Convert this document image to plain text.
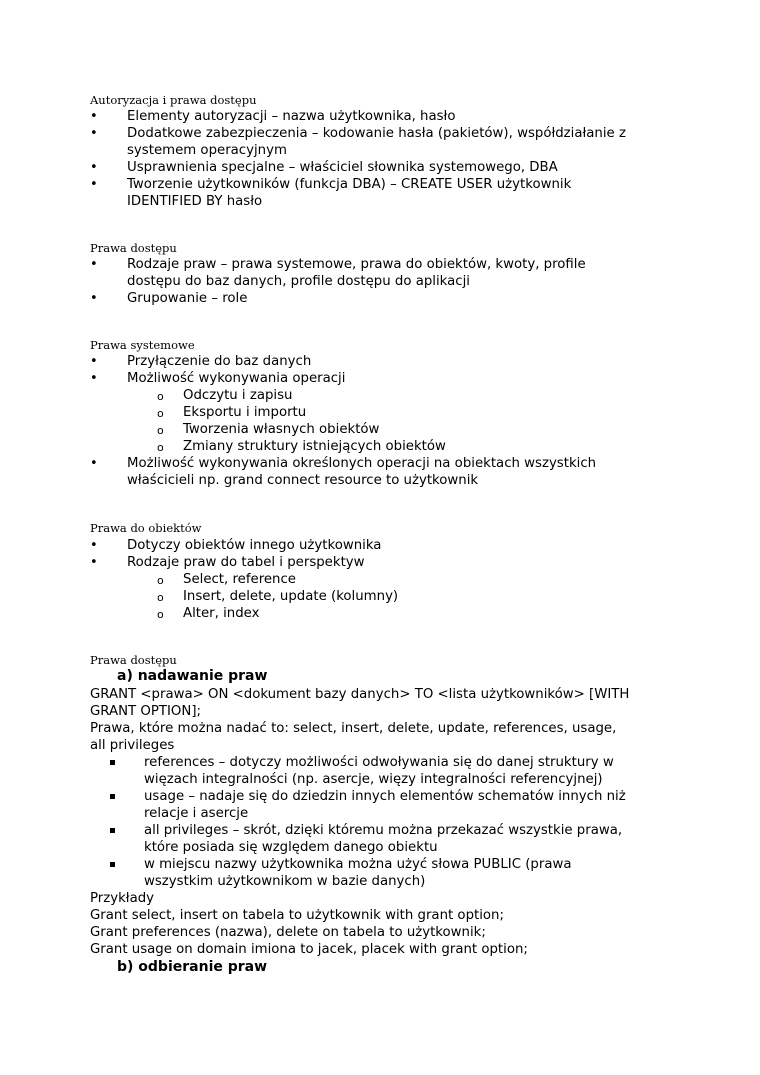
Autoryzacja i prawa dostępu
• Elementy autoryzacji – nazwa użytkownika, hasło
• Dodatkowe zabezpieczenia – kodowanie hasła (pakietów), współdziałanie z
systemem operacyjnym
• Usprawnienia specjalne – właściciel słownika systemowego, DBA
• Tworzenie użytkowników (funkcja DBA) – CREATE USER użytkownik
IDENTIFIED BY hasło
Prawa dostępu
• Rodzaje praw – prawa systemowe, prawa do obiektów, kwoty, profile
dostępu do baz danych, profile dostępu do aplikacji
• Grupowanie – role
Prawa systemowe
• Przyłączenie do baz danych
• Możliwość wykonywania operacji
o Odczytu i zapisu
o Eksportu i importu
o Tworzenia własnych obiektów
o Zmiany struktury istniejących obiektów
• Możliwość wykonywania określonych operacji na obiektach wszystkich
właścicieli np. grand connect resource to użytkownik
Prawa do obiektów
• Dotyczy obiektów innego użytkownika
• Rodzaje praw do tabel i perspektyw
o Select, reference
o Insert, delete, update (kolumny)
o Alter, index
Prawa dostępu
a) nadawanie praw
GRANT <prawa> ON <dokument bazy danych> TO <lista użytkowników> [WITH
GRANT OPTION];
Prawa, które można nadać to: select, insert, delete, update, references, usage,
all privileges
references – dotyczy możliwości odwoływania się do danej struktury w
więzach integralności (np. asercje, więzy integralności referencyjnej)
usage – nadaje się do dziedzin innych elementów schematów innych niż
relacje i asercje
all privileges – skrót, dzięki któremu można przekazać wszystkie prawa,
które posiada się względem danego obiektu
w miejscu nazwy użytkownika można użyć słowa PUBLIC (prawa
wszystkim użytkownikom w bazie danych)
Przykłady
Grant select, insert on tabela to użytkownik with grant option;
Grant preferences (nazwa), delete on tabela to użytkownik;
Grant usage on domain imiona to jacek, placek with grant option;
b) odbieranie praw
